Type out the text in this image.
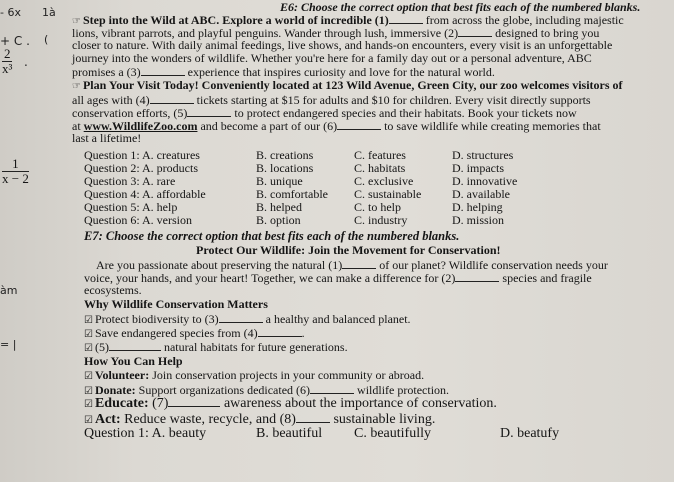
- 6x 1à
+ C . (
$\frac{2}{\text{x³}}$ .
$\frac{1}{x - 2}$
àm
= |
E6: Choose the correct option that best fits each of the numbered blanks.
☞ Step into the Wild at ABC. Explore a world of incredible (1)	from across the globe, including majestic
lions, vibrant parrots, and playful penguins. Wander through lush, immersive (2)	designed to bring you
closer to nature. With daily animal feedings, live shows, and hands-on encounters, every visit is an unforgettable
journey into the wonders of wildlife. Whether you're here for a family day out or a personal adventure, ABC
promises a (3)	experience that inspires curiosity and love for the natural world.
☞ Plan Your Visit Today! Conveniently located at 123 Wild Avenue, Green City, our zoo welcomes visitors of
all ages with (4)	tickets starting at $15 for adults and $10 for children. Every visit directly supports
conservation efforts, (5)	to protect endangered species and their habitats. Book your tickets now
at www.WildlifeZoo.com and become a part of our (6)	to save wildlife while creating memories that
last a lifetime!
Question 1: A. creatures	B. creations	C. features	D. structures
Question 2: A. products	B. locations	C. habitats	D. impacts
Question 3: A. rare	B. unique	C. exclusive	D. innovative
Question 4: A. affordable	B. comfortable C. sustainable	D. available
Question 5: A. help	B. helped	C. to help	D. helping
Question 6: A. version	B. option	C. industry	D. mission
E7: Choose the correct option that best fits each of the numbered blanks.
Protect Our Wildlife: Join the Movement for Conservation!
Are you passionate about preserving the natural (1)	of our planet? Wildlife conservation needs your
voice, your hands, and your heart! Together, we can make a difference for (2)	species and fragile
ecosystems.
Why Wildlife Conservation Matters
☑ Protect biodiversity to (3)	a healthy and balanced planet.
☑ Save endangered species from (4)	.
☑ (5)	natural habitats for future generations.
How You Can Help
☑ Volunteer: Join conservation projects in your community or abroad.
☑ Donate: Support organizations dedicated (6)	wildlife protection.
☑ Educate: (7)	awareness about the importance of conservation.
☑ Act: Reduce waste, recycle, and (8)	sustainable living.
Question 1: A. beauty	B. beautiful C. beautifully	D. beatufy
